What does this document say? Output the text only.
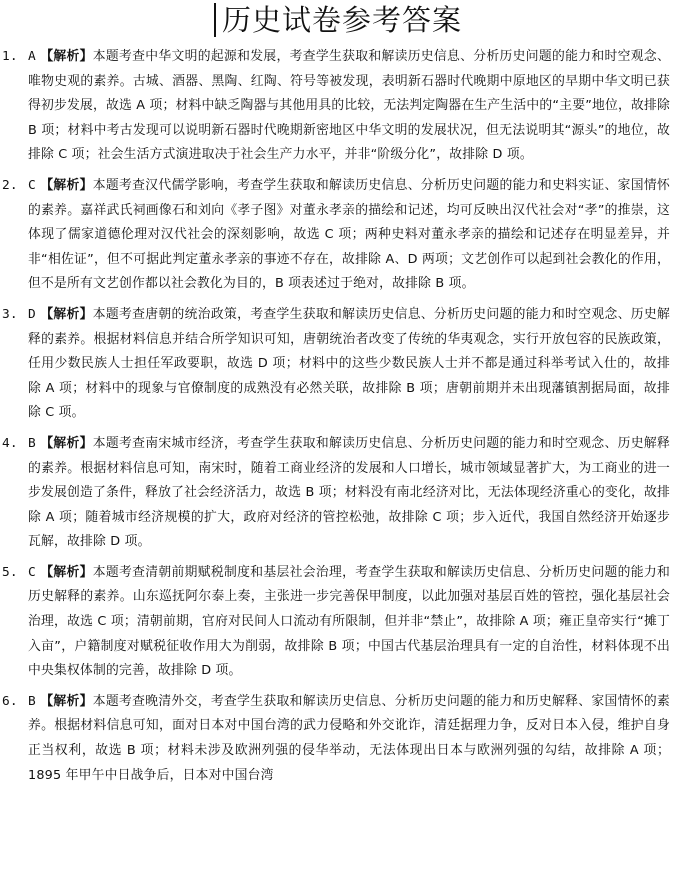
历史试卷参考答案
1. A 【解析】本题考查中华文明的起源和发展，考查学生获取和解读历史信息、分析历史问题的能力和时空观念、唯物史观的素养。古城、酒器、黑陶、红陶、符号等被发现，表明新石器时代晚期中原地区的早期中华文明已获得初步发展，故选 A 项；材料中缺乏陶器与其他用具的比较，无法判定陶器在生产生活中的“主要”地位，故排除 B 项；材料中考古发现可以说明新石器时代晚期新密地区中华文明的发展状况，但无法说明其“源头”的地位，故排除 C 项；社会生活方式演进取决于社会生产力水平，并非“阶级分化”，故排除 D 项。
2. C 【解析】本题考查汉代儒学影响，考查学生获取和解读历史信息、分析历史问题的能力和史料实证、家国情怀的素养。嘉祥武氏祠画像石和刘向《孝子图》对董永孝亲的描绘和记述，均可反映出汉代社会对“孝”的推崇，这体现了儒家道德伦理对汉代社会的深刻影响，故选 C 项；两种史料对董永孝亲的描绘和记述存在明显差异，并非“相佐证”，但不可据此判定董永孝亲的事迹不存在，故排除 A、D 两项；文艺创作可以起到社会教化的作用，但不是所有文艺创作都以社会教化为目的，B 项表述过于绝对，故排除 B 项。
3. D 【解析】本题考查唐朝的统治政策，考查学生获取和解读历史信息、分析历史问题的能力和时空观念、历史解释的素养。根据材料信息并结合所学知识可知，唐朝统治者改变了传统的华夷观念，实行开放包容的民族政策，任用少数民族人士担任军政要职，故选 D 项；材料中的这些少数民族人士并不都是通过科举考试入仕的，故排除 A 项；材料中的现象与官僚制度的成熟没有必然关联，故排除 B 项；唐朝前期并未出现藩镇割据局面，故排除 C 项。
4. B 【解析】本题考查南宋城市经济，考查学生获取和解读历史信息、分析历史问题的能力和时空观念、历史解释的素养。根据材料信息可知，南宋时，随着工商业经济的发展和人口增长，城市领域显著扩大，为工商业的进一步发展创造了条件，释放了社会经济活力，故选 B 项；材料没有南北经济对比，无法体现经济重心的变化，故排除 A 项；随着城市经济规模的扩大，政府对经济的管控松弛，故排除 C 项；步入近代，我国自然经济开始逐步瓦解，故排除 D 项。
5. C 【解析】本题考查清朝前期赋税制度和基层社会治理，考查学生获取和解读历史信息、分析历史问题的能力和历史解释的素养。山东巡抚阿尔泰上奏，主张进一步完善保甲制度，以此加强对基层百姓的管控，强化基层社会治理，故选 C 项；清朝前期，官府对民间人口流动有所限制，但并非“禁止”，故排除 A 项；雍正皇帝实行“摊丁入亩”，户籍制度对赋税征收作用大为削弱，故排除 B 项；中国古代基层治理具有一定的自治性，材料体现不出中央集权体制的完善，故排除 D 项。
6. B 【解析】本题考查晚清外交，考查学生获取和解读历史信息、分析历史问题的能力和历史解释、家国情怀的素养。根据材料信息可知，面对日本对中国台湾的武力侵略和外交讹诈，清廷据理力争，反对日本入侵，维护自身正当权利，故选 B 项；材料未涉及欧洲列强的侵华举动，无法体现出日本与欧洲列强的勾结，故排除 A 项；1895 年甲午中日战争后，日本对中国台湾
